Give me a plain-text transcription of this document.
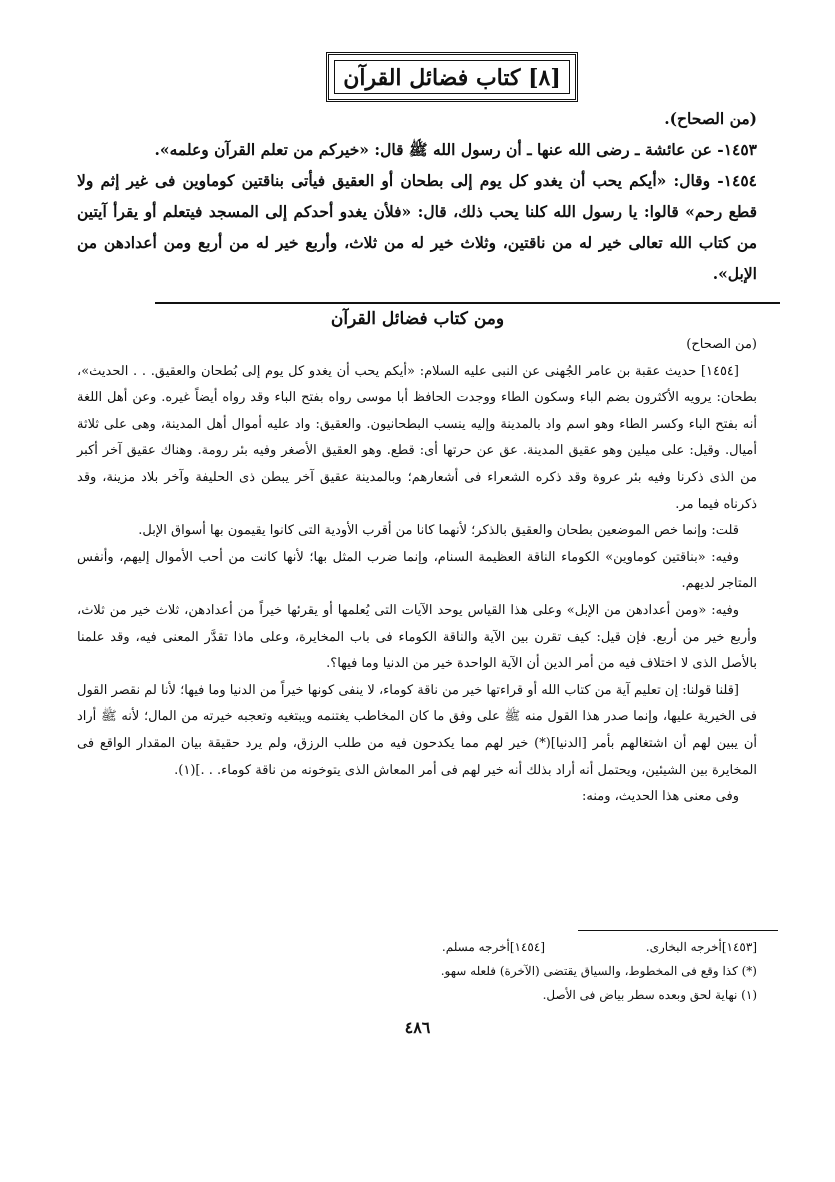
[٨] كتاب فضائل القرآن

(من الصحاح).

١٤٥٣- عن عائشة ـ رضى الله عنها ـ أن رسول الله ﷺ قال: «خيركم من تعلم القرآن وعلمه».

١٤٥٤- وقال: «أيكم يحب أن يغدو كل يوم إلى بطحان أو العقيق فيأتى بناقتين كوماوين فى غير إثم ولا قطع رحم» قالوا: يا رسول الله كلنا يحب ذلك، قال: «فلأن يغدو أحدكم إلى المسجد فيتعلم أو يقرأ آيتين من كتاب الله تعالى خير له من ناقتين، وثلاث خير له من ثلاث، وأربع خير له من أربع ومن أعدادهن من الإبل».

ومن كتاب فضائل القرآن

(من الصحاح)

[١٤٥٤] حديث عقبة بن عامر الجُهنى عن النبى عليه السلام: «أيكم يحب أن يغدو كل يوم إلى بُطحان والعقيق. . . الحديث»، بطحان: يرويه الأكثرون بضم الباء وسكون الطاء ووجدت الحافظ أبا موسى رواه بفتح الباء وقد رواه أيضاً غيره. وعن أهل اللغة أنه بفتح الباء وكسر الطاء وهو اسم واد بالمدينة وإليه ينسب البطحانيون. والعقيق: واد عليه أموال أهل المدينة، وهى على ثلاثة أميال. وقيل: على ميلين وهو عقيق المدينة. عق عن حرتها أى: قطع. وهو العقيق الأصغر وفيه بئر رومة. وهناك عقيق آخر أكبر من الذى ذكرنا وفيه بئر عروة وقد ذكره الشعراء فى أشعارهم؛ وبالمدينة عقيق آخر يبطن ذى الحليفة وآخر بلاد مزينة، وقد ذكرناه فيما مر.

قلت: وإنما خص الموضعين بطحان والعقيق بالذكر؛ لأنهما كانا من أقرب الأودية التى كانوا يقيمون بها أسواق الإبل.

وفيه: «بناقتين كوماوين» الكوماء الناقة العظيمة السنام، وإنما ضرب المثل بها؛ لأنها كانت من أحب الأموال إليهم، وأنفس المتاجر لديهم.

وفيه: «ومن أعدادهن من الإبل» وعلى هذا القياس يوحد الآيات التى يُعلمها أو يقرئها خيراً من أعدادهن، ثلاث خير من ثلاث، وأربع خير من أربع. فإن قيل: كيف تقرن بين الآية والناقة الكوماء فى باب المخايرة، وعلى ماذا تقدَّر المعنى فيه، وقد علمنا بالأصل الذى لا اختلاف فيه من أمر الدين أن الآية الواحدة خير من الدنيا وما فيها؟.

[قلنا قولنا: إن تعليم آية من كتاب الله أو قراءتها خير من ناقة كوماء، لا ينفى كونها خيراً من الدنيا وما فيها؛ لأنا لم نقصر القول فى الخيرية عليها، وإنما صدر هذا القول منه ﷺ على وفق ما كان المخاطب يغتنمه ويبتغيه وتعجبه خيرته من المال؛ لأنه ﷺ أراد أن يبين لهم أن اشتغالهم بأمر [الدنيا](*) خير لهم مما يكدحون فيه من طلب الرزق، ولم يرد حقيقة بيان المقدار الواقع فى المخايرة بين الشيئين، ويحتمل أنه أراد بذلك أنه خير لهم فى أمر المعاش الذى يتوخونه من ناقة كوماء. . .](١).

وفى معنى هذا الحديث، ومنه:

[١٤٥٣]أخرجه البخارى.
[١٤٥٤]أخرجه مسلم.
(*) كذا وقع فى المخطوط، والسياق يقتضى (الآخرة) فلعله سهو.
(١) نهاية لحق وبعده سطر بياض فى الأصل.
٤٨٦
